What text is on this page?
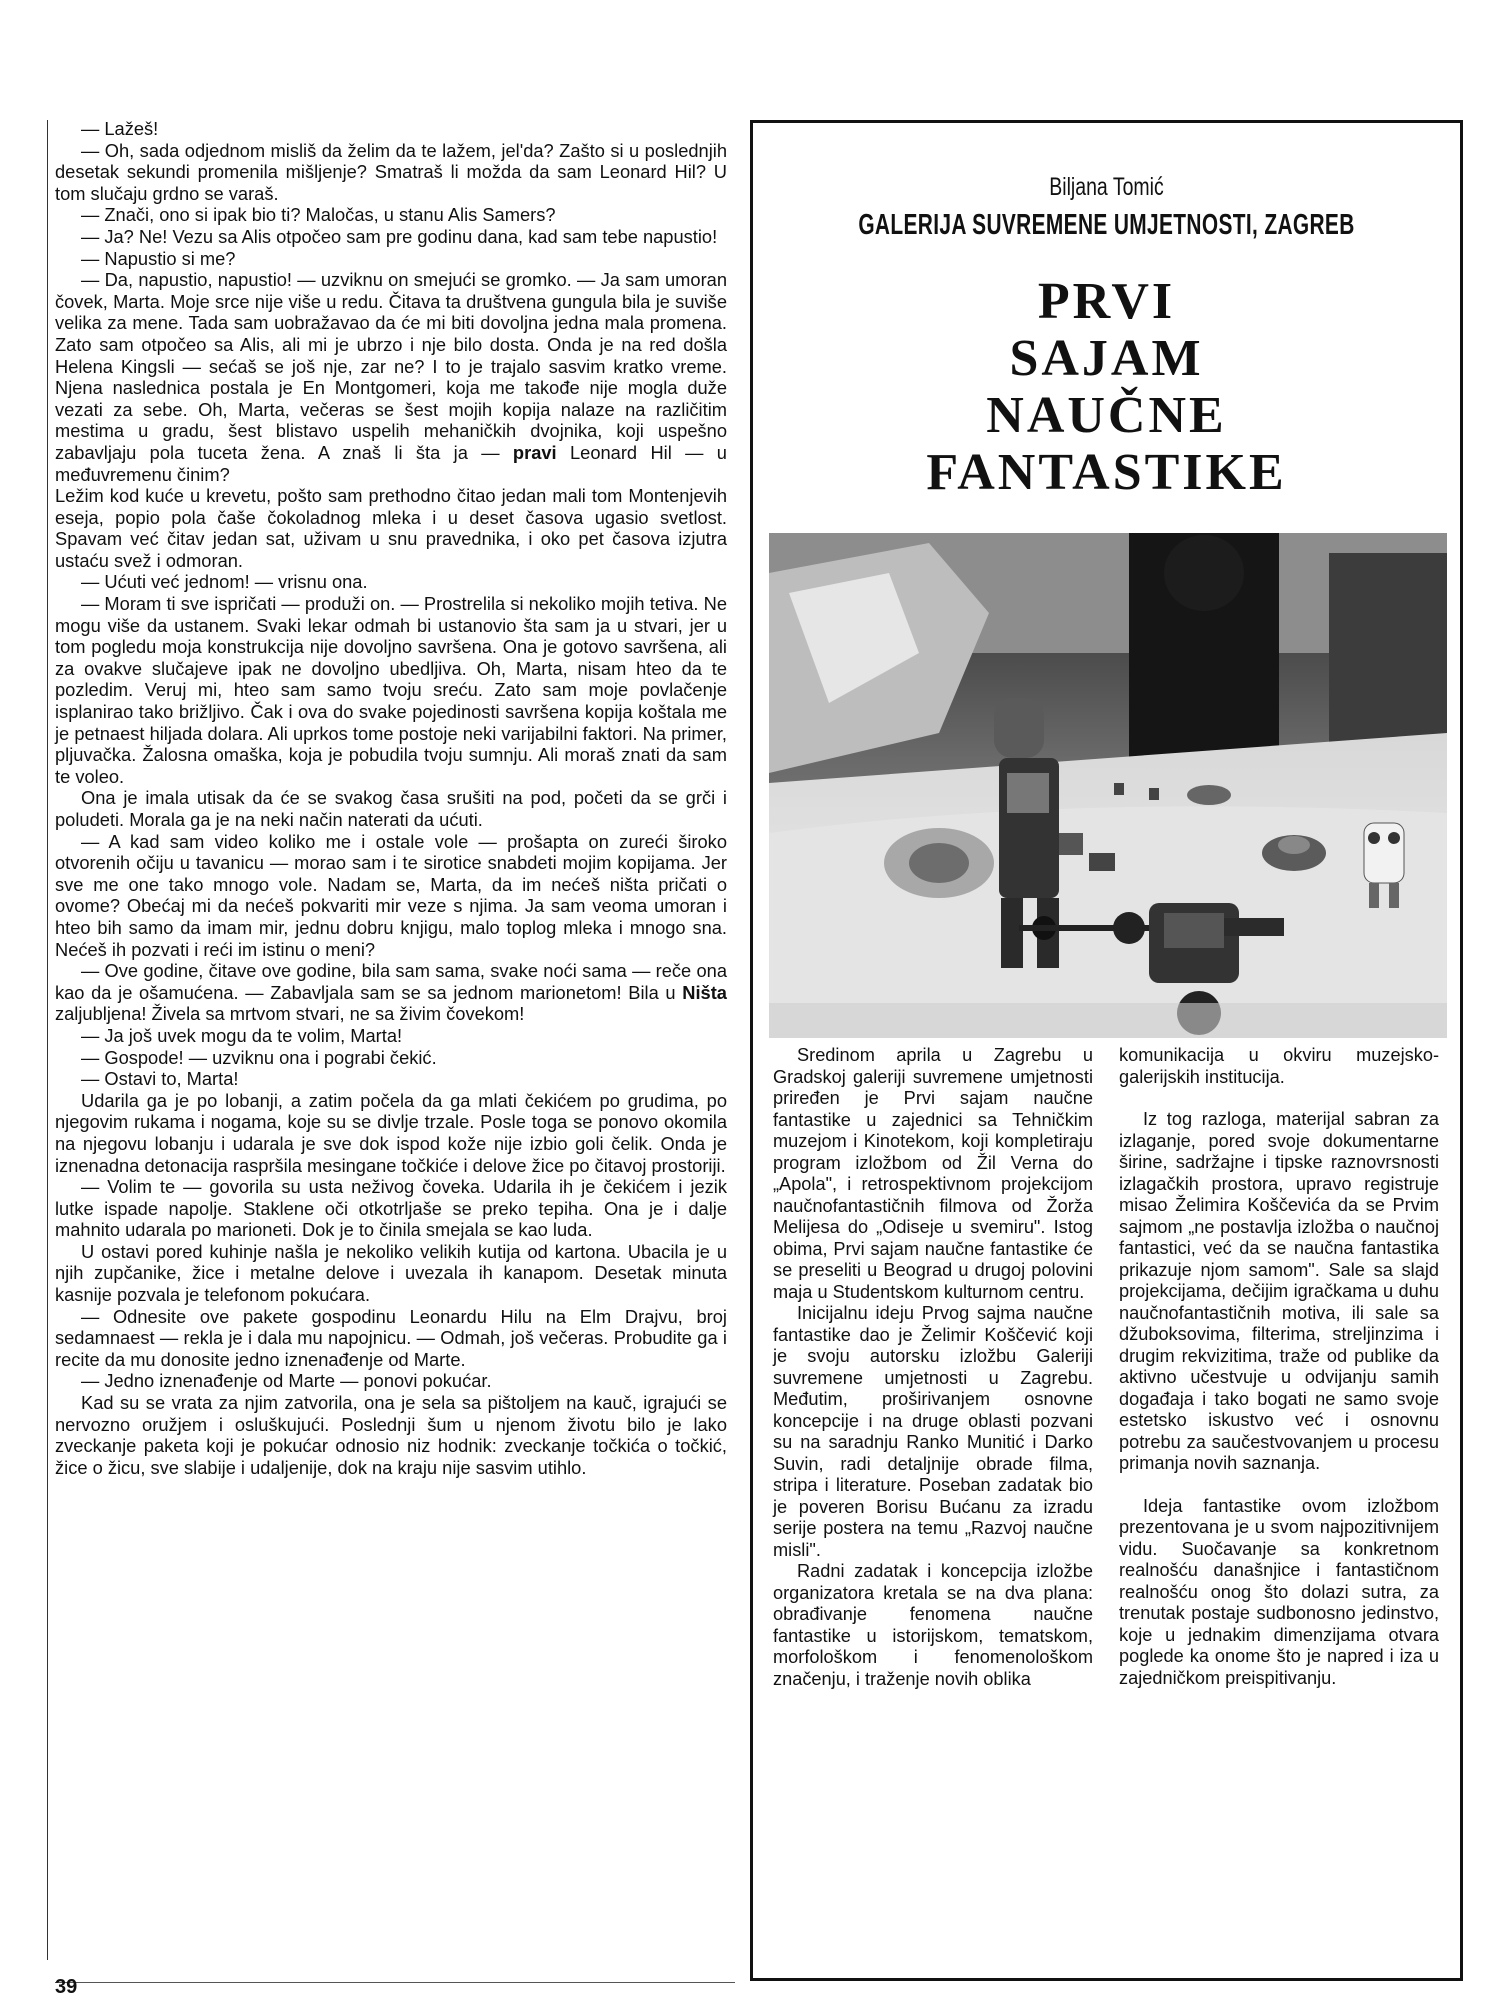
— Lažeš!

— Oh, sada odjednom misliš da želim da te lažem, jel'da? Zašto si u poslednjih desetak sekundi promenila mišljenje? Smatraš li možda da sam Leonard Hil? U tom slučaju grdno se varaš.

— Znači, ono si ipak bio ti? Maločas, u stanu Alis Samers?

— Ja? Ne! Vezu sa Alis otpočeo sam pre godinu dana, kad sam tebe napustio!

— Napustio si me?

— Da, napustio, napustio! — uzviknu on smejući se gromko. — Ja sam umoran čovek, Marta. Moje srce nije više u redu. Čitava ta društvena gungula bila je suviše velika za mene. Tada sam uobražavao da će mi biti dovoljna jedna mala promena. Zato sam otpočeo sa Alis, ali mi je ubrzo i nje bilo dosta. Onda je na red došla Helena Kingsli — sećaš se još nje, zar ne? I to je trajalo sasvim kratko vreme. Njena naslednica postala je En Montgomeri, koja me takođe nije mogla duže vezati za sebe. Oh, Marta, večeras se šest mojih kopija nalaze na različitim mestima u gradu, šest blistavo uspelih mehaničkih dvojnika, koji uspešno zabavljaju pola tuceta žena. A znaš li šta ja — pravi Leonard Hil — u međuvremenu činim?

Ležim kod kuće u krevetu, pošto sam prethodno čitao jedan mali tom Montenjevih eseja, popio pola čaše čokoladnog mleka i u deset časova ugasio svetlost. Spavam već čitav jedan sat, uživam u snu pravednika, i oko pet časova izjutra ustaću svež i odmoran.

— Ućuti već jednom! — vrisnu ona.

— Moram ti sve ispričati — produži on. — Prostrelila si nekoliko mojih tetiva. Ne mogu više da ustanem. Svaki lekar odmah bi ustanovio šta sam ja u stvari, jer u tom pogledu moja konstrukcija nije dovoljno savršena. Ona je gotovo savršena, ali za ovakve slučajeve ipak ne dovoljno ubedljiva. Oh, Marta, nisam hteo da te pozledim. Veruj mi, hteo sam samo tvoju sreću. Zato sam moje povlačenje isplanirao tako brižljivo. Čak i ova do svake pojedinosti savršena kopija koštala me je petnaest hiljada dolara. Ali uprkos tome postoje neki varijabilni faktori. Na primer, pljuvačka. Žalosna omaška, koja je pobudila tvoju sumnju. Ali moraš znati da sam te voleo.

Ona je imala utisak da će se svakog časa srušiti na pod, početi da se grči i poludeti. Morala ga je na neki način naterati da ućuti.

— A kad sam video koliko me i ostale vole — prošapta on zureći široko otvorenih očiju u tavanicu — morao sam i te sirotice snabdeti mojim kopijama. Jer sve me one tako mnogo vole. Nadam se, Marta, da im nećeš ništa pričati o ovome? Obećaj mi da nećeš pokvariti mir veze s njima. Ja sam veoma umoran i hteo bih samo da imam mir, jednu dobru knjigu, malo toplog mleka i mnogo sna. Nećeš ih pozvati i reći im istinu o meni?

— Ove godine, čitave ove godine, bila sam sama, svake noći sama — reče ona kao da je ošamućena. — Zabavljala sam se sa jednom marionetom! Bila u Ništa zaljubljena! Živela sa mrtvom stvari, ne sa živim čovekom!

— Ja još uvek mogu da te volim, Marta!

— Gospode! — uzviknu ona i pograbi čekić.

— Ostavi to, Marta!

Udarila ga je po lobanji, a zatim počela da ga mlati čekićem po grudima, po njegovim rukama i nogama, koje su se divlje trzale. Posle toga se ponovo okomila na njegovu lobanju i udarala je sve dok ispod kože nije izbio goli čelik. Onda je iznenadna detonacija raspršila mesingane točkiće i delove žice po čitavoj prostoriji.

— Volim te — govorila su usta neživog čoveka. Udarila ih je čekićem i jezik lutke ispade napolje. Staklene oči otkotrljaše se preko tepiha. Ona je i dalje mahnito udarala po marioneti. Dok je to činila smejala se kao luda.

U ostavi pored kuhinje našla je nekoliko velikih kutija od kartona. Ubacila je u njih zupčanike, žice i metalne delove i uvezala ih kanapom. Desetak minuta kasnije pozvala je telefonom pokućara.

— Odnesite ove pakete gospodinu Leonardu Hilu na Elm Drajvu, broj sedamnaest — rekla je i dala mu napojnicu. — Odmah, još večeras. Probudite ga i recite da mu donosite jedno iznenađenje od Marte.

— Jedno iznenađenje od Marte — ponovi pokućar.

Kad su se vrata za njim zatvorila, ona je sela sa pištoljem na kauč, igrajući se nervozno oružjem i osluškujući. Poslednji šum u njenom životu bilo je lako zveckanje paketa koji je pokućar odnosio niz hodnik: zveckanje točkića o točkić, žice o žicu, sve slabije i udaljenije, dok na kraju nije sasvim utihlo.

Biljana Tomić
GALERIJA SUVREMENE UMJETNOSTI, ZAGREB
PRVI
SAJAM
NAUČNE
FANTASTIKE

Sredinom aprila u Zagrebu u Gradskoj galeriji suvremene umjetnosti priređen je Prvi sajam naučne fantastike u zajednici sa Tehničkim muzejom i Kinotekom, koji kompletiraju program izložbom od Žil Verna do „Apola", i retrospektivnom projekcijom naučnofantastičnih filmova od Žorža Melijesa do „Odiseje u svemiru". Istog obima, Prvi sajam naučne fantastike će se preseliti u Beograd u drugoj polovini maja u Studentskom kulturnom centru.

Inicijalnu ideju Prvog sajma naučne fantastike dao je Želimir Koščević koji je svoju autorsku izložbu Galeriji suvremene umjetnosti u Zagrebu. Međutim, proširivanjem osnovne koncepcije i na druge oblasti pozvani su na saradnju Ranko Munitić i Darko Suvin, radi detaljnije obrade filma, stripa i literature. Poseban zadatak bio je poveren Borisu Bućanu za izradu serije postera na temu „Razvoj naučne misli".

Radni zadatak i koncepcija izložbe organizatora kretala se na dva plana: obrađivanje fenomena naučne fantastike u istorijskom, tematskom, morfološkom i fenomenološkom značenju, i traženje novih oblika

komunikacija u okviru muzejsko-galerijskih institucija.

Iz tog razloga, materijal sabran za izlaganje, pored svoje dokumentarne širine, sadržajne i tipske raznovrsnosti izlagačkih prostora, upravo registruje misao Želimira Koščevića da se Prvim sajmom „ne postavlja izložba o naučnoj fantastici, već da se naučna fantastika prikazuje njom samom". Sale sa slajd projekcijama, dečijim igračkama u duhu naučnofantastičnih motiva, ili sale sa džuboksovima, filterima, streljinzima i drugim rekvizitima, traže od publike da aktivno učestvuje u odvijanju samih događaja i tako bogati ne samo svoje estetsko iskustvo već i osnovnu potrebu za saučestvovanjem u procesu primanja novih saznanja.

Ideja fantastike ovom izložbom prezentovana je u svom najpozitivnijem vidu. Suočavanje sa konkretnom realnošću današnjice i fantastičnom realnošću onog što dolazi sutra, za trenutak postaje sudbonosno jedinstvo, koje u jednakim dimenzijama otvara poglede ka onome što je napred i iza u zajedničkom preispitivanju.

39
